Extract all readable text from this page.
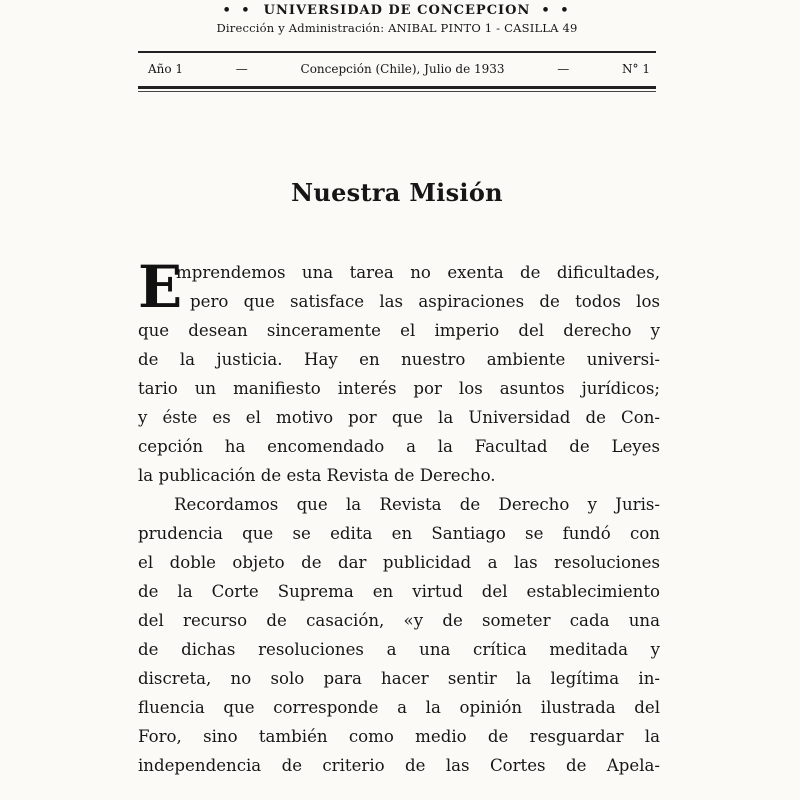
• • UNIVERSIDAD DE CONCEPCION • •
Dirección y Administración: ANIBAL PINTO 1 - CASILLA 49
Año 1	—	Concepción (Chile), Julio de 1933	—	N° 1
Nuestra Misión
E
mprendemos una tarea no exenta de dificultades,
pero que satisface las aspiraciones de todos los
que desean sinceramente el imperio del derecho y
de la justicia. Hay en nuestro ambiente universi-
tario un manifiesto interés por los asuntos jurídicos;
y éste es el motivo por que la Universidad de Con-
cepción ha encomendado a la Facultad de Leyes
la publicación de esta Revista de Derecho.
Recordamos que la Revista de Derecho y Juris-
prudencia que se edita en Santiago se fundó con
el doble objeto de dar publicidad a las resoluciones
de la Corte Suprema en virtud del establecimiento
del recurso de casación, «y de someter cada una
de dichas resoluciones a una crítica meditada y
discreta, no solo para hacer sentir la legítima in-
fluencia que corresponde a la opinión ilustrada del
Foro, sino también como medio de resguardar la
independencia de criterio de las Cortes de Apela-
